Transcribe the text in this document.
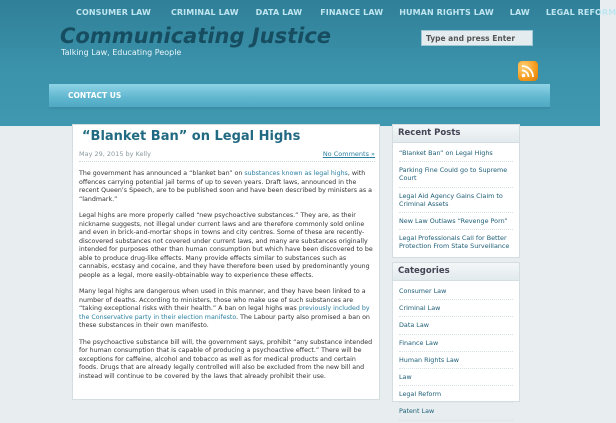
CONSUMER LAW	CRIMINAL LAW DATA LAW FINANCE LAW HUMAN RIGHTS LAW LAW LEGAL REFORM
Communicating Justice
Talking Law, Educating People
Type and press Enter
CONTACT US
“Blanket Ban” on Legal Highs
May 29, 2015 by Kelly	No Comments »

The government has announced a “blanket ban” on substances known as legal highs, with offences carrying potential jail terms of up to seven years. Draft laws, announced in the recent Queen’s Speech, are to be published soon and have been described by ministers as a “landmark.”

Legal highs are more properly called “new psychoactive substances.” They are, as their nickname suggests, not illegal under current laws and are therefore commonly sold online and even in brick-and-mortar shops in towns and city centres. Some of these are recently-discovered substances not covered under current laws, and many are substances originally intended for purposes other than human consumption but which have been discovered to be able to produce drug-like effects. Many provide effects similar to substances such as cannabis, ecstasy and cocaine, and they have therefore been used by predominantly young people as a legal, more easily-obtainable way to experience these effects.

Many legal highs are dangerous when used in this manner, and they have been linked to a number of deaths. According to ministers, those who make use of such substances are “taking exceptional risks with their health.” A ban on legal highs was previously included by the Conservative party in their election manifesto. The Labour party also promised a ban on these substances in their own manifesto.

The psychoactive substance bill will, the government says, prohibit “any substance intended for human consumption that is capable of producing a psychoactive effect.” There will be exceptions for caffeine, alcohol and tobacco as well as for medical products and certain foods. Drugs that are already legally controlled will also be excluded from the new bill and instead will continue to be covered by the laws that already prohibit their use.

Recent Posts
“Blanket Ban” on Legal Highs
Parking Fine Could go to Supreme Court
Legal Aid Agency Gains Claim to Criminal Assets
New Law Outlaws “Revenge Porn”
Legal Professionals Call for Better Protection From State Surveillance
Categories
Consumer Law
Criminal Law
Data Law
Finance Law
Human Rights Law
Law
Legal Reform
Patent Law
